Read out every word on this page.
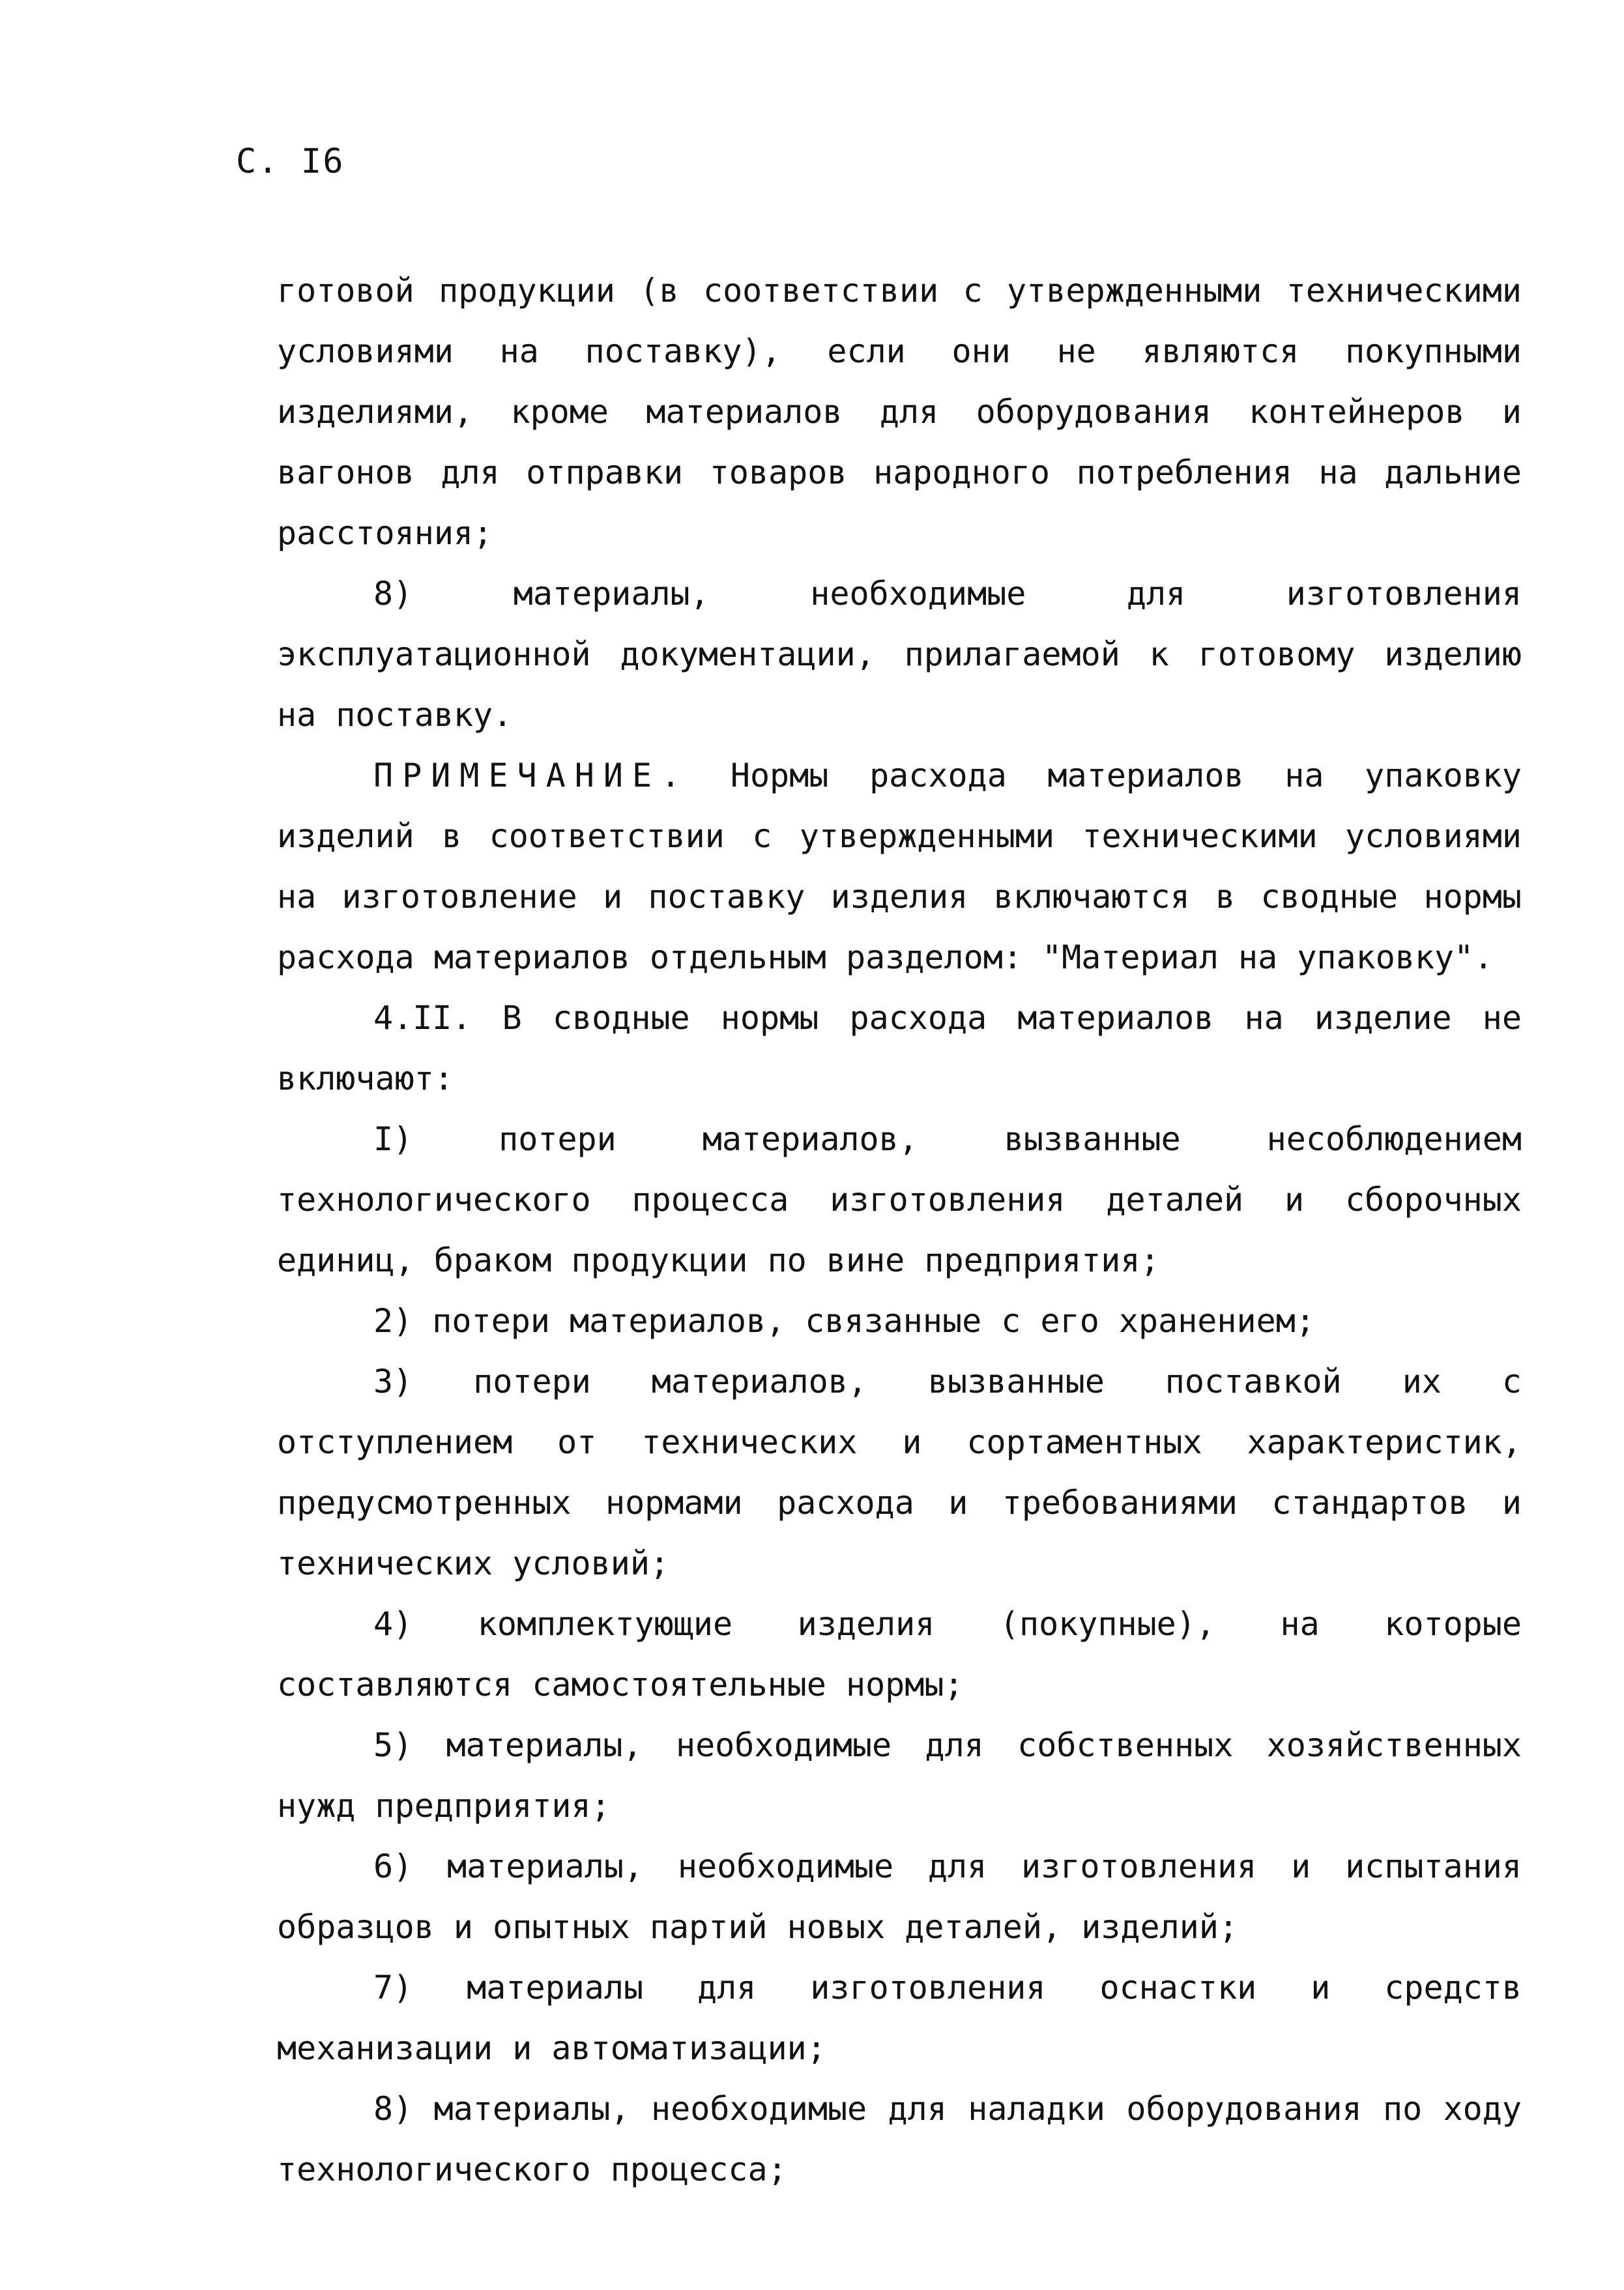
С. I6

готовой продукции (в соответствии с утвержденными техническими условиями на поставку), если они не являются покупными изделиями, кроме материалов для оборудования контейнеров и вагонов для отправки товаров народного потребления на дальние расстояния;

8) материалы, необходимые для изготовления эксплуатационной документации, прилагаемой к готовому изделию на поставку.

ПРИМЕЧАНИЕ. Нормы расхода материалов на упаковку изделий в соответствии с утвержденными техническими условиями на изготовление и поставку изделия включаются в сводные нормы расхода материалов отдельным разделом: "Материал на упаковку".

4.II. В сводные нормы расхода материалов на изделие не включают:

I) потери материалов, вызванные несоблюдением технологического процесса изготовления деталей и сборочных единиц, браком продукции по вине предприятия;

2) потери материалов, связанные с его хранением;

3) потери материалов, вызванные поставкой их с отступлением от технических и сортаментных характеристик, предусмотренных нормами расхода и требованиями стандартов и технических условий;

4) комплектующие изделия (покупные), на которые составляются самостоятельные нормы;

5) материалы, необходимые для собственных хозяйственных нужд предприятия;

6) материалы, необходимые для изготовления и испытания образцов и опытных партий новых деталей, изделий;

7) материалы для изготовления оснастки и средств механизации и автоматизации;

8) материалы, необходимые для наладки оборудования по ходу технологического процесса;
